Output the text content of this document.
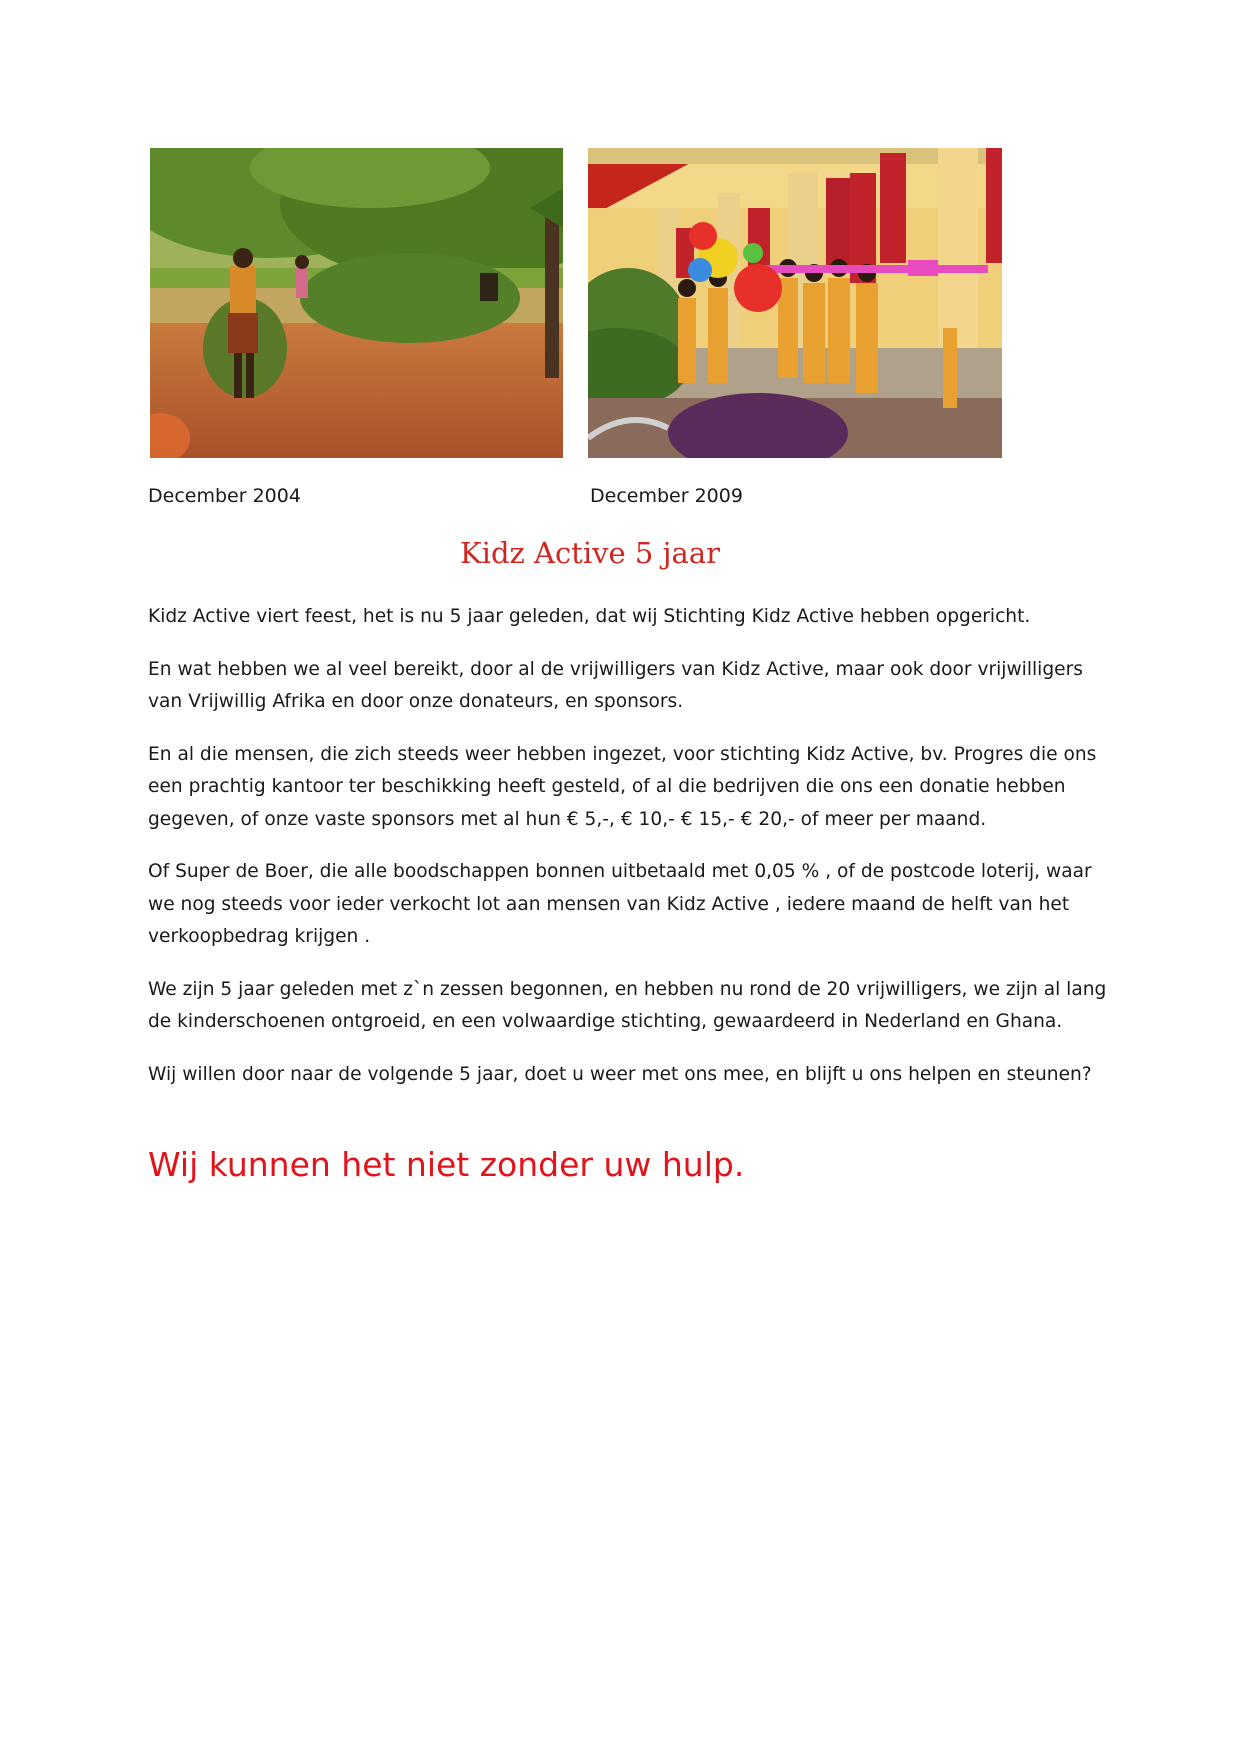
December 2004	December 2009
Kidz Active 5 jaar

Kidz Active viert feest, het is nu 5 jaar geleden, dat wij Stichting Kidz Active hebben opgericht.

En wat hebben we al veel bereikt, door al de vrijwilligers van Kidz Active, maar ook door vrijwilligers van Vrijwillig Afrika en door onze donateurs, en sponsors.

En al die mensen, die zich steeds weer hebben ingezet, voor stichting Kidz Active, bv. Progres die ons een prachtig kantoor ter beschikking heeft gesteld, of al die bedrijven die ons een donatie hebben gegeven, of onze vaste sponsors met al hun € 5,-, € 10,- € 15,- € 20,- of meer per maand.

Of Super de Boer, die alle boodschappen bonnen uitbetaald met 0,05 % , of de postcode loterij, waar we nog steeds voor ieder verkocht lot aan mensen van Kidz Active , iedere maand de helft van het verkoopbedrag krijgen .

We zijn 5 jaar geleden met z`n zessen begonnen, en hebben nu rond de 20 vrijwilligers, we zijn al lang de kinderschoenen ontgroeid, en een volwaardige stichting, gewaardeerd in Nederland en Ghana.

Wij willen door naar de volgende 5 jaar, doet u weer met ons mee, en blijft u ons helpen en steunen?

Wij kunnen het niet zonder uw hulp.
